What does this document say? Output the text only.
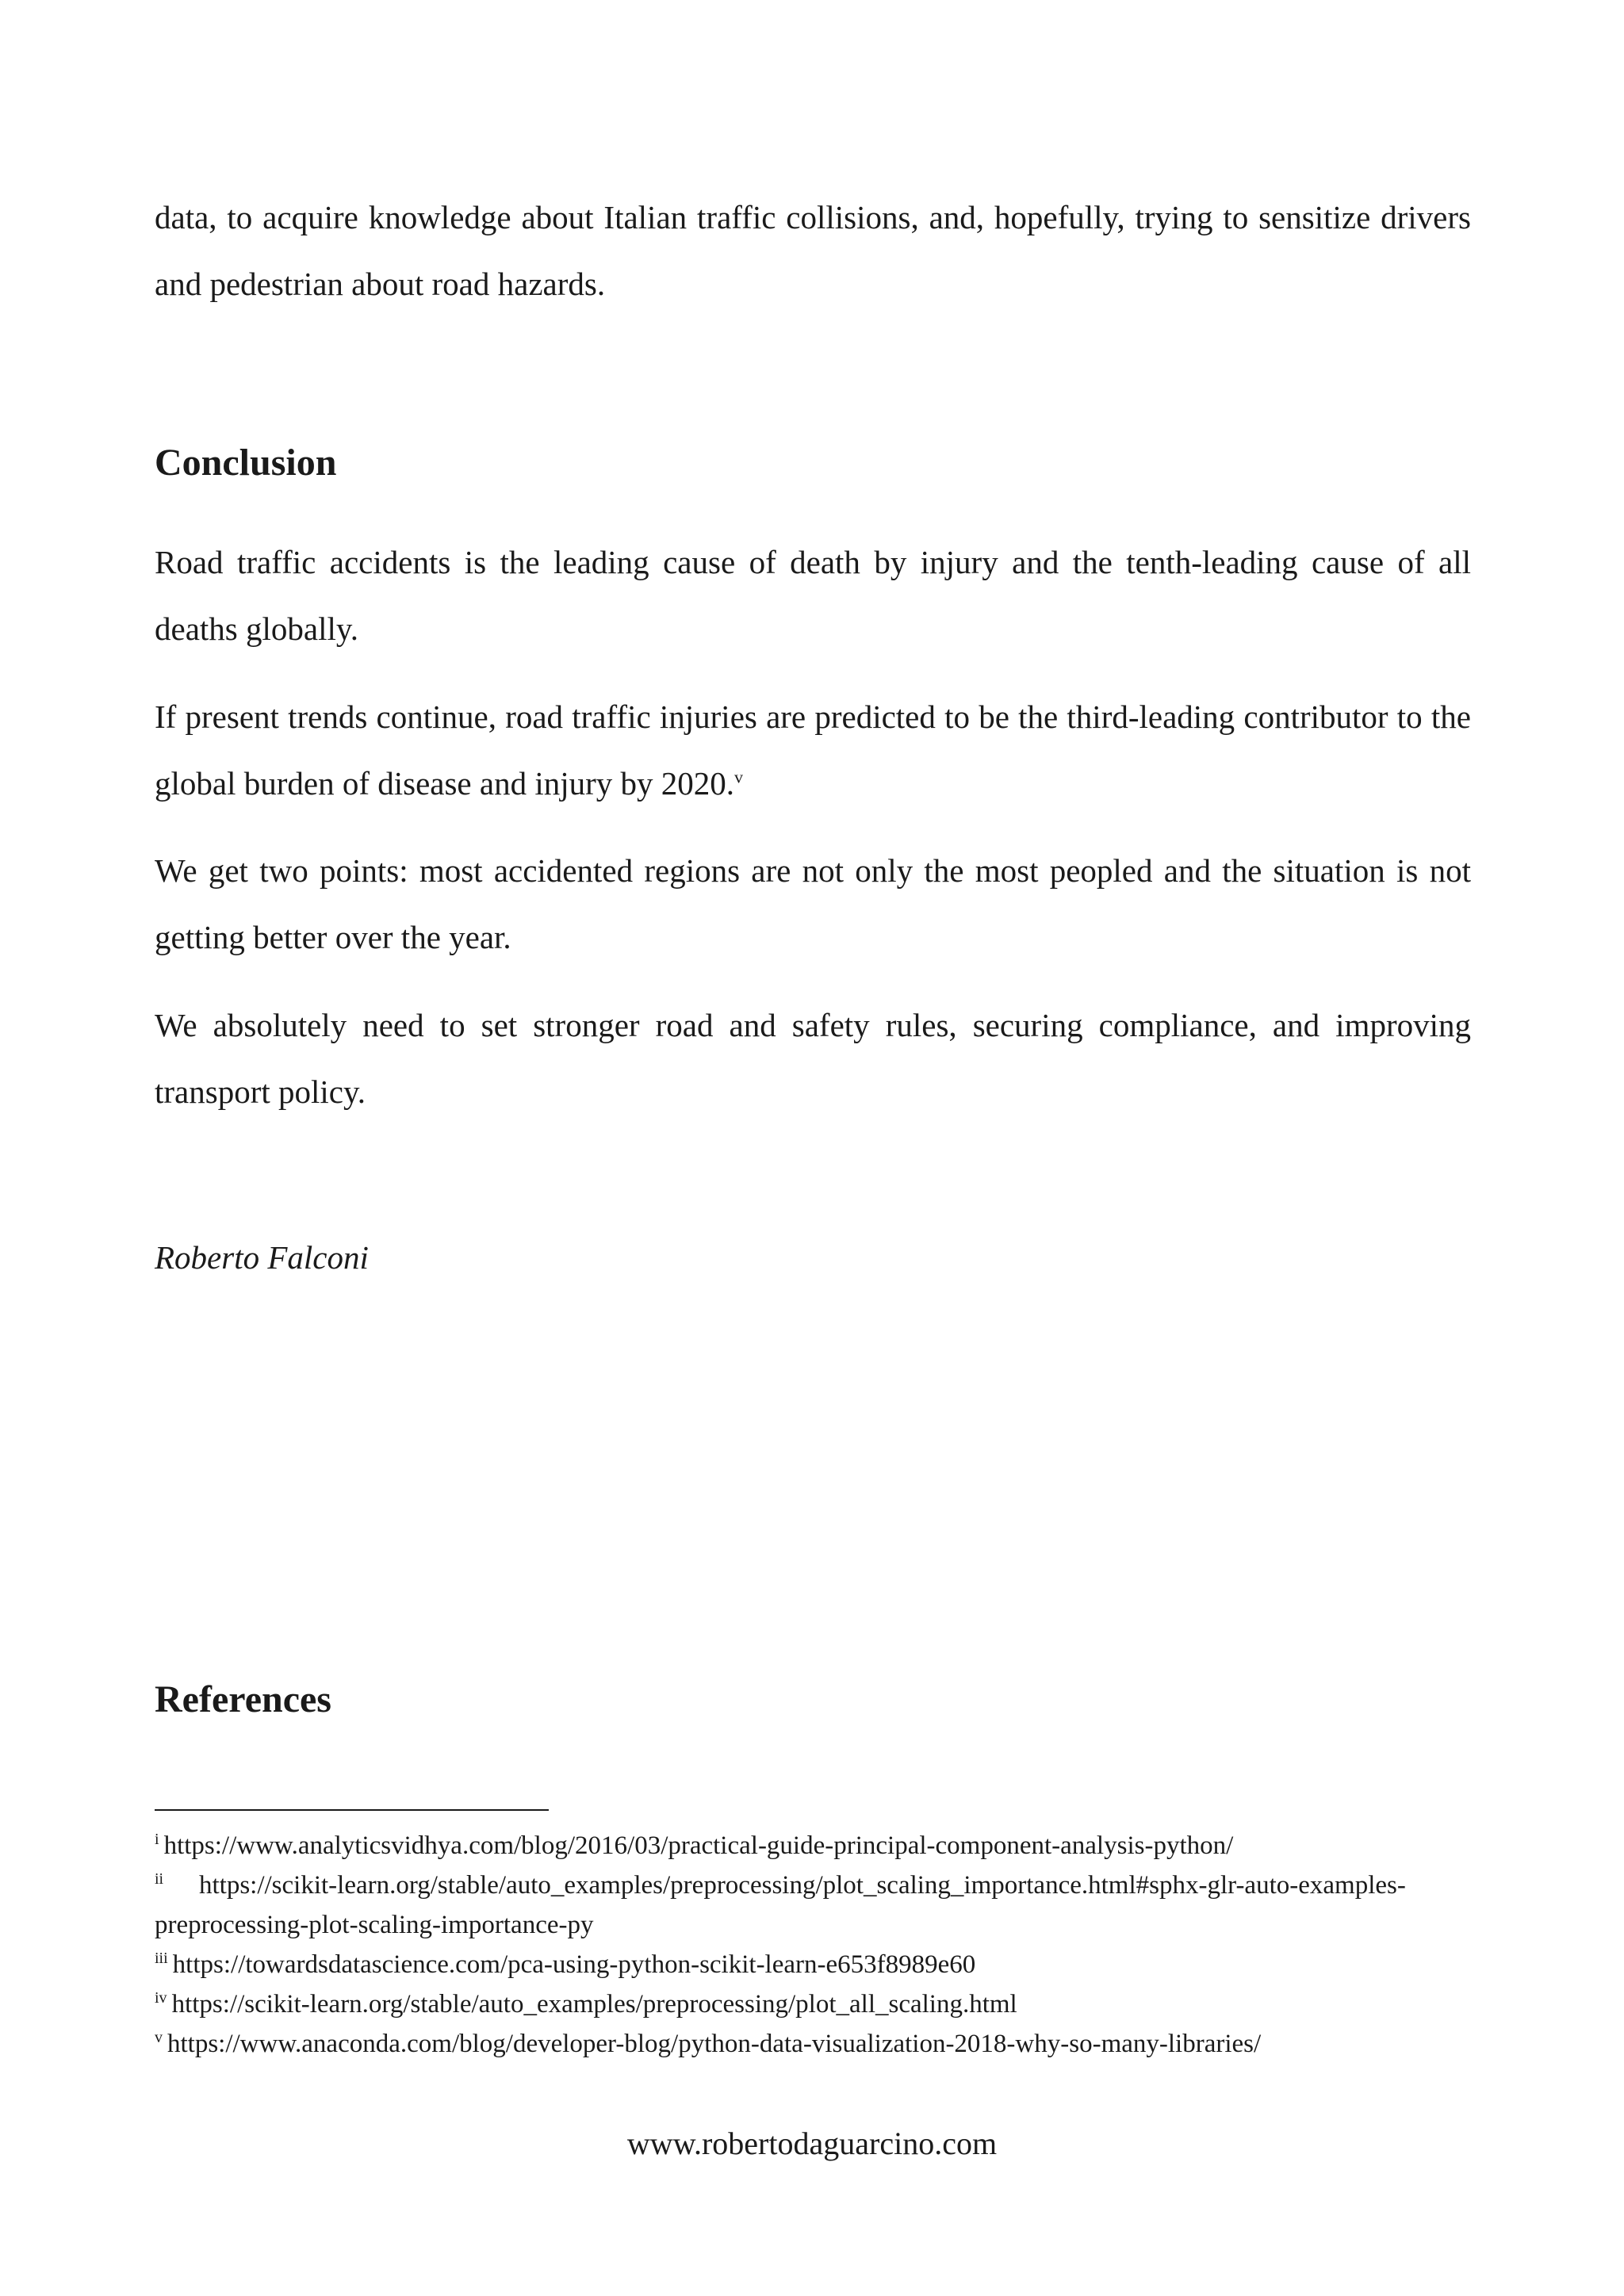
data, to acquire knowledge about Italian traffic collisions, and, hopefully, trying to sensitize drivers and pedestrian about road hazards.

Conclusion

Road traffic accidents is the leading cause of death by injury and the tenth-leading cause of all deaths globally.

If present trends continue, road traffic injuries are predicted to be the third-leading contributor to the global burden of disease and injury by 2020.$^v$

We get two points: most accidented regions are not only the most peopled and the situation is not getting better over the year.

We absolutely need to set stronger road and safety rules, securing compliance, and improving transport policy.

Roberto Falconi

References

$^i$ https://www.analyticsvidhya.com/blog/2016/03/practical-guide-principal-component-analysis-python/

ii https://scikit-learn.org/stable/auto_examples/preprocessing/plot_scaling_importance.html#sphx-glr-auto-examples-preprocessing-plot-scaling-importance-py

$^{iii}$ https://towardsdatascience.com/pca-using-python-scikit-learn-e653f8989e60

$^{iv}$ https://scikit-learn.org/stable/auto_examples/preprocessing/plot_all_scaling.html

$^v$ https://www.anaconda.com/blog/developer-blog/python-data-visualization-2018-why-so-many-libraries/

www.robertodaguarcino.com
